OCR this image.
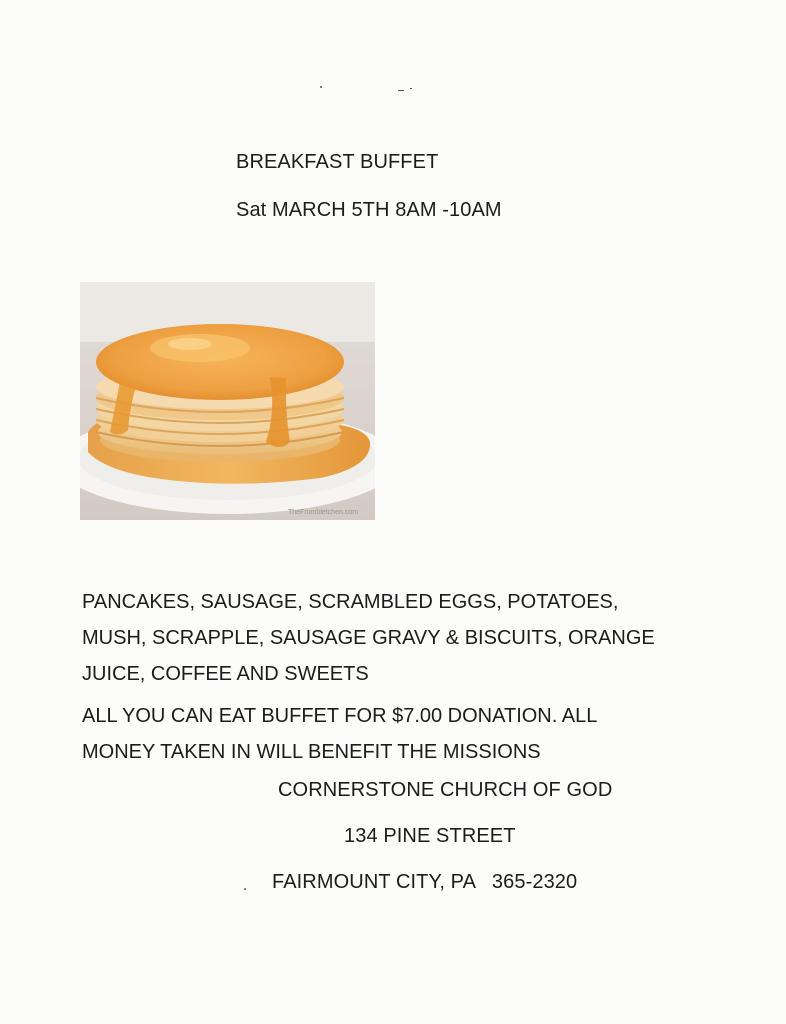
BREAKFAST BUFFET
Sat MARCH 5TH 8AM -10AM
TheFrumbletchen.com
PANCAKES, SAUSAGE, SCRAMBLED EGGS, POTATOES,
MUSH, SCRAPPLE, SAUSAGE GRAVY & BISCUITS, ORANGE
JUICE, COFFEE AND SWEETS
ALL YOU CAN EAT BUFFET FOR $7.00 DONATION. ALL
MONEY TAKEN IN WILL BENEFIT THE MISSIONS
CORNERSTONE CHURCH OF GOD
134 PINE STREET
FAIRMOUNT CITY, PA   365-2320
